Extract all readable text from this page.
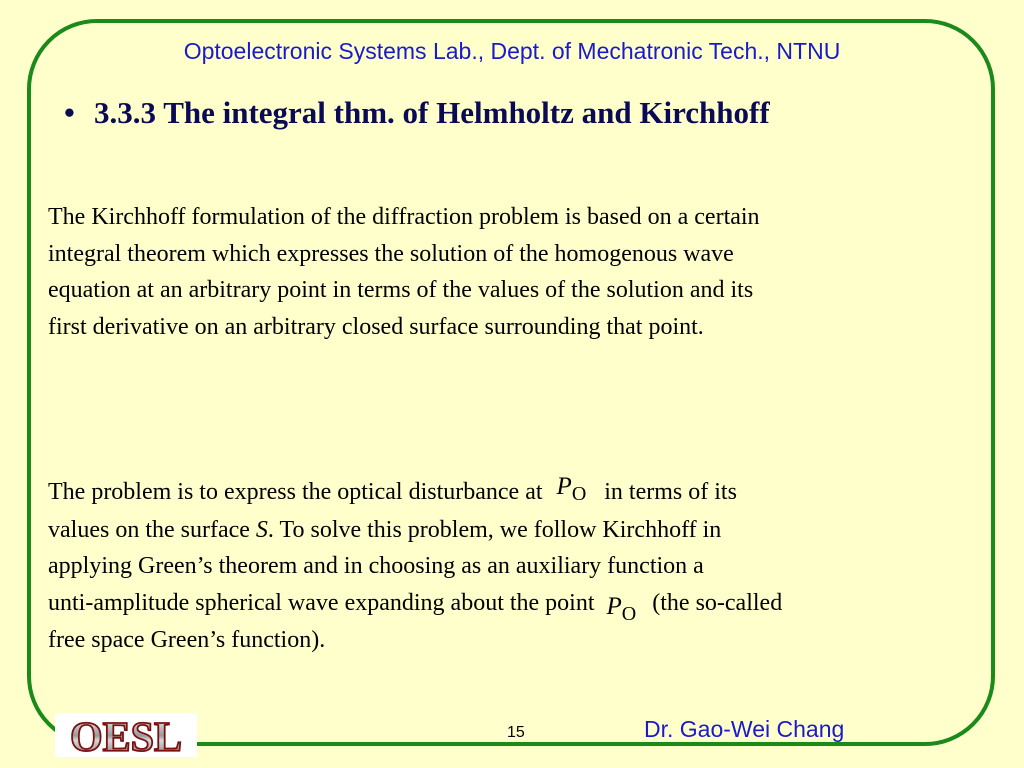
Optoelectronic Systems Lab., Dept. of Mechatronic Tech., NTNU
• 3.3.3 The integral thm. of Helmholtz and Kirchhoff

The Kirchhoff formulation of the diffraction problem is based on a certain
integral theorem which expresses the solution of the homogenous wave
equation at an arbitrary point in terms of the values of the solution and its
first derivative on an arbitrary closed surface surrounding that point.

The problem is to express the optical disturbance at $P_O$ in terms of its
values on the surface S. To solve this problem, we follow Kirchhoff in
applying Green’s theorem and in choosing as an auxiliary function a
unti-amplitude spherical wave expanding about the point $P_O$ (the so-called
free space Green’s function).

OESL	15	Dr. Gao-Wei Chang
